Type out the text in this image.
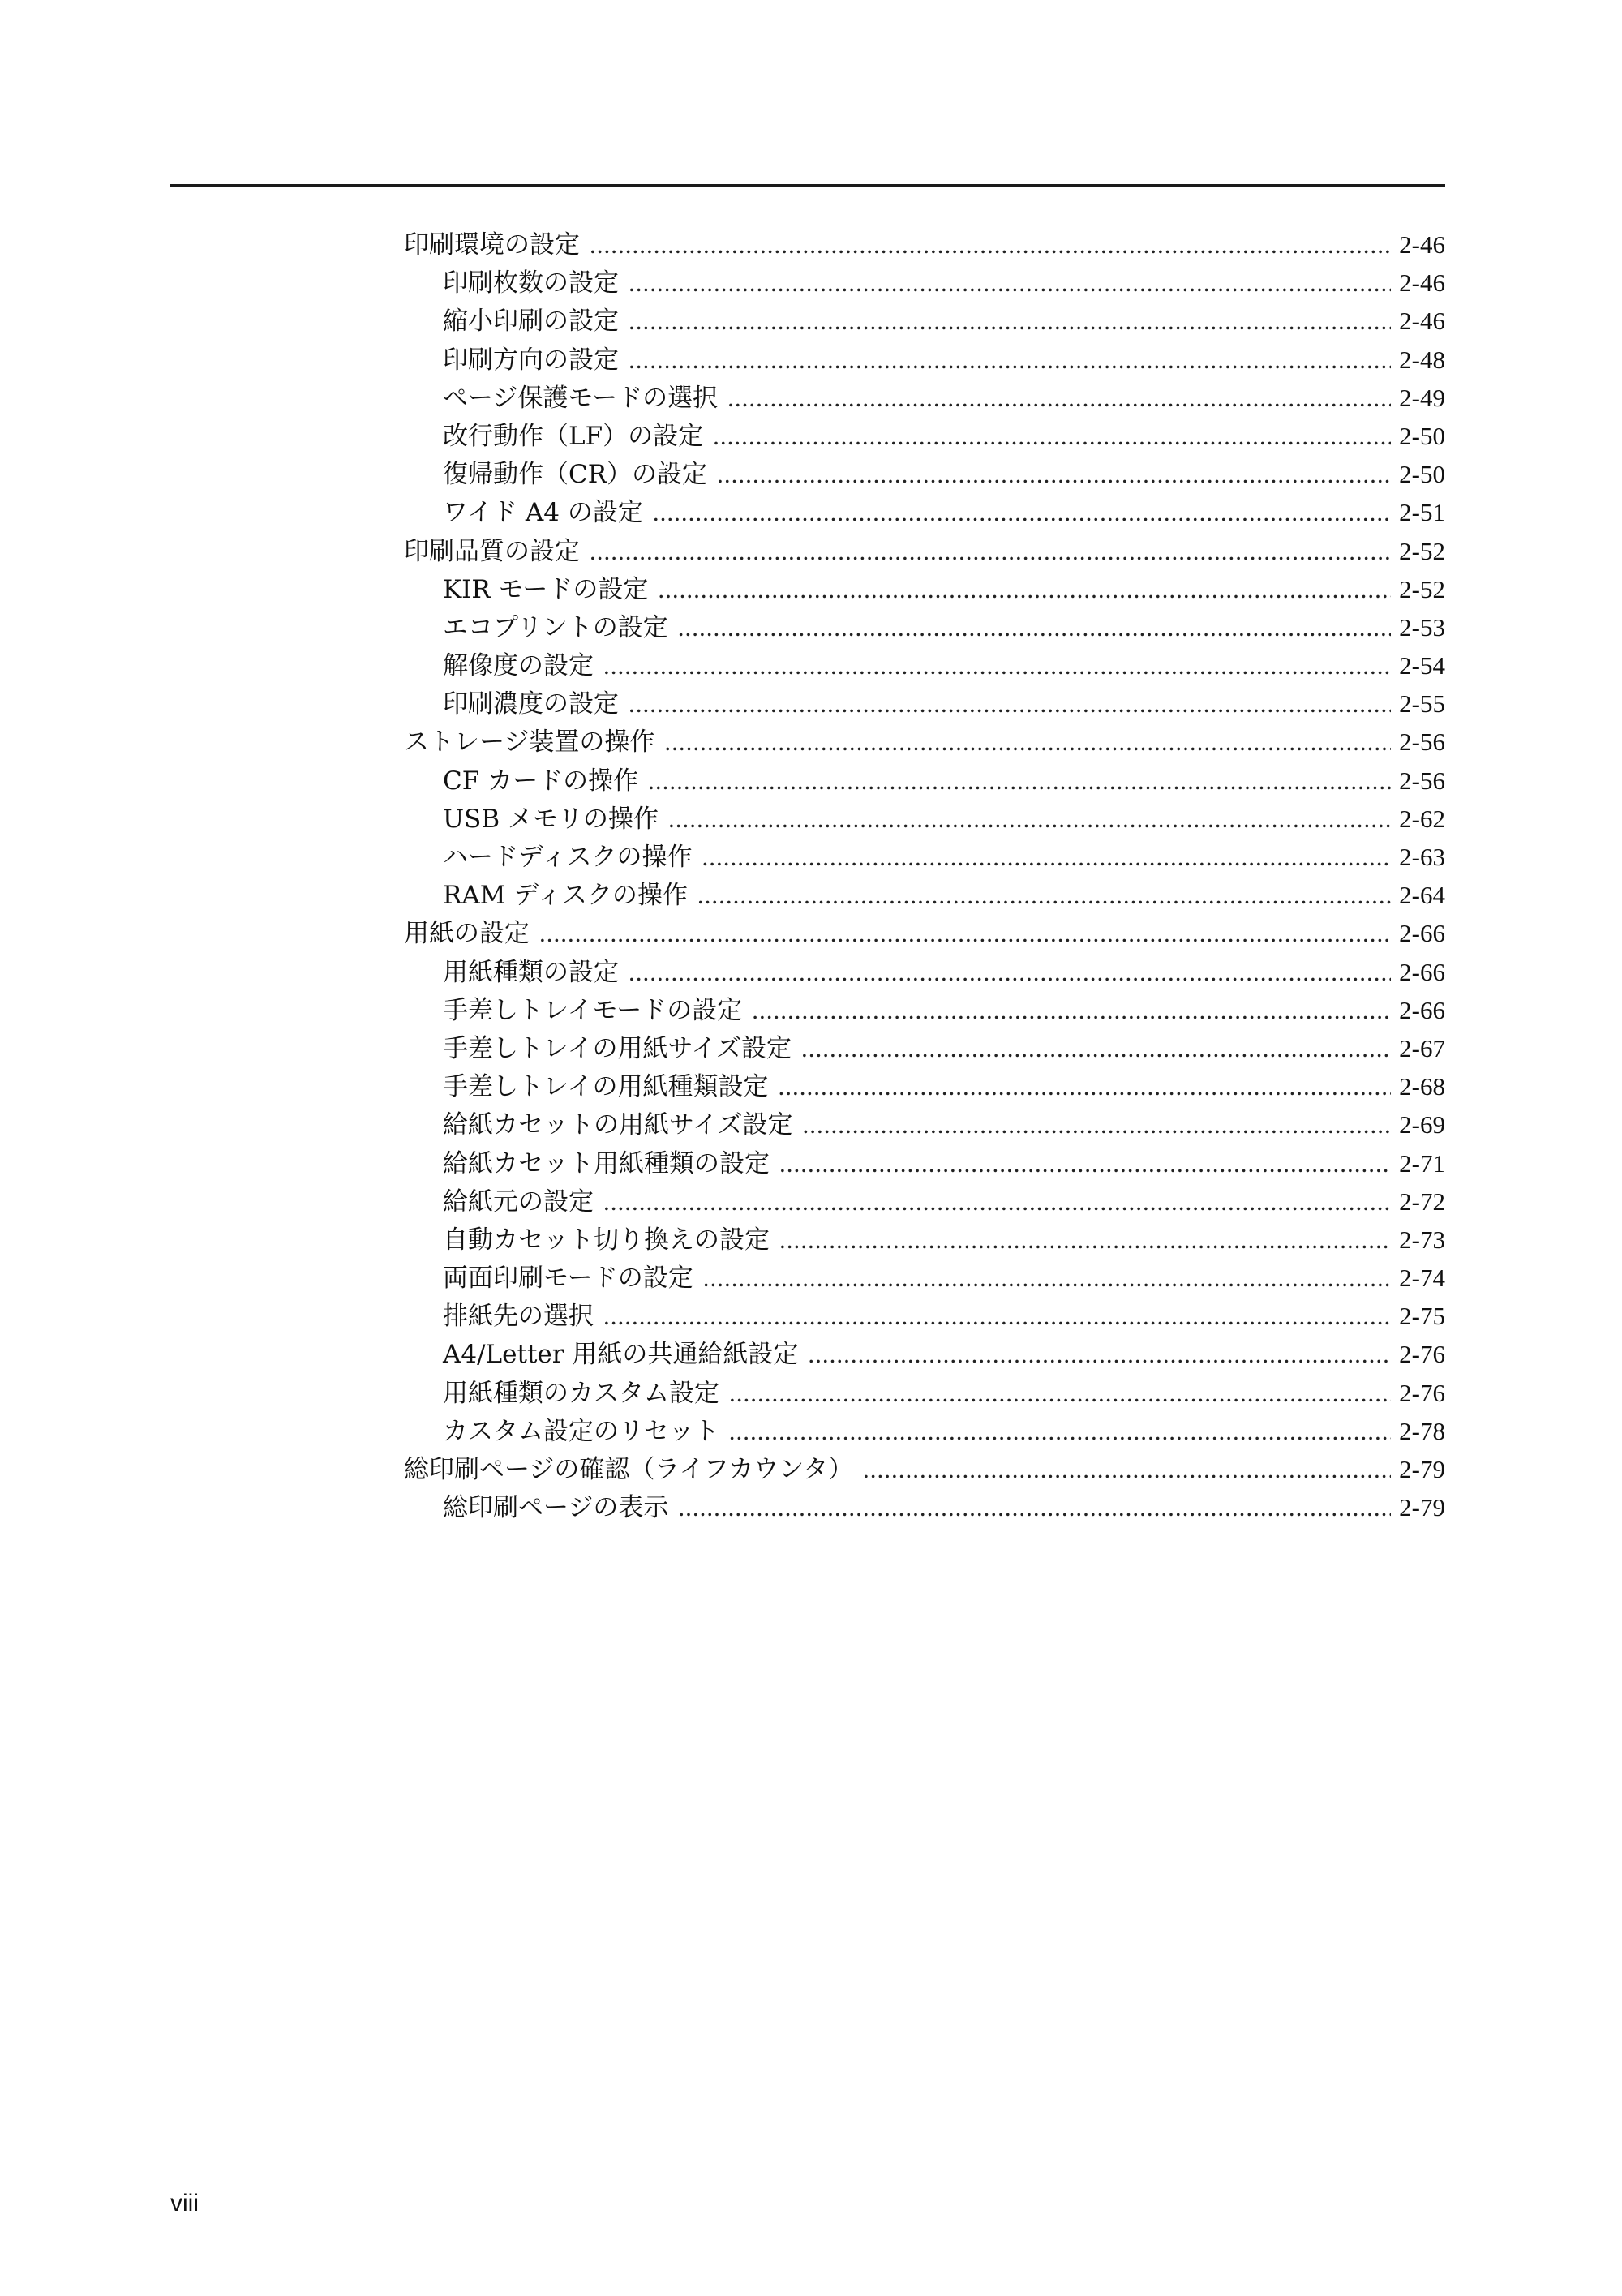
印刷環境の設定 .....	2-46
印刷枚数の設定 .....	2-46
縮小印刷の設定 .....	2-46
印刷方向の設定 .....	2-48
ページ保護モードの選択 .....	2-49
改行動作（LF）の設定 .....	2-50
復帰動作（CR）の設定 .....	2-50
ワイド A4 の設定 .....	2-51
印刷品質の設定 .....	2-52
KIR モードの設定 .....	2-52
エコプリントの設定 .....	2-53
解像度の設定 .....	2-54
印刷濃度の設定 .....	2-55
ストレージ装置の操作 .....	2-56
CF カードの操作 .....	2-56
USB メモリの操作 .....	2-62
ハードディスクの操作 .....	2-63
RAM ディスクの操作 .....	2-64
用紙の設定 .....	2-66
用紙種類の設定 .....	2-66
手差しトレイモードの設定 .....	2-66
手差しトレイの用紙サイズ設定 .....	2-67
手差しトレイの用紙種類設定 .....	2-68
給紙カセットの用紙サイズ設定 .....	2-69
給紙カセット用紙種類の設定 .....	2-71
給紙元の設定 .....	2-72
自動カセット切り換えの設定 .....	2-73
両面印刷モードの設定 .....	2-74
排紙先の選択 .....	2-75
A4/Letter 用紙の共通給紙設定 .....	2-76
用紙種類のカスタム設定 .....	2-76
カスタム設定のリセット .....	2-78
総印刷ページの確認（ライフカウンタ） .....	2-79
総印刷ページの表示 .....	2-79
viii
